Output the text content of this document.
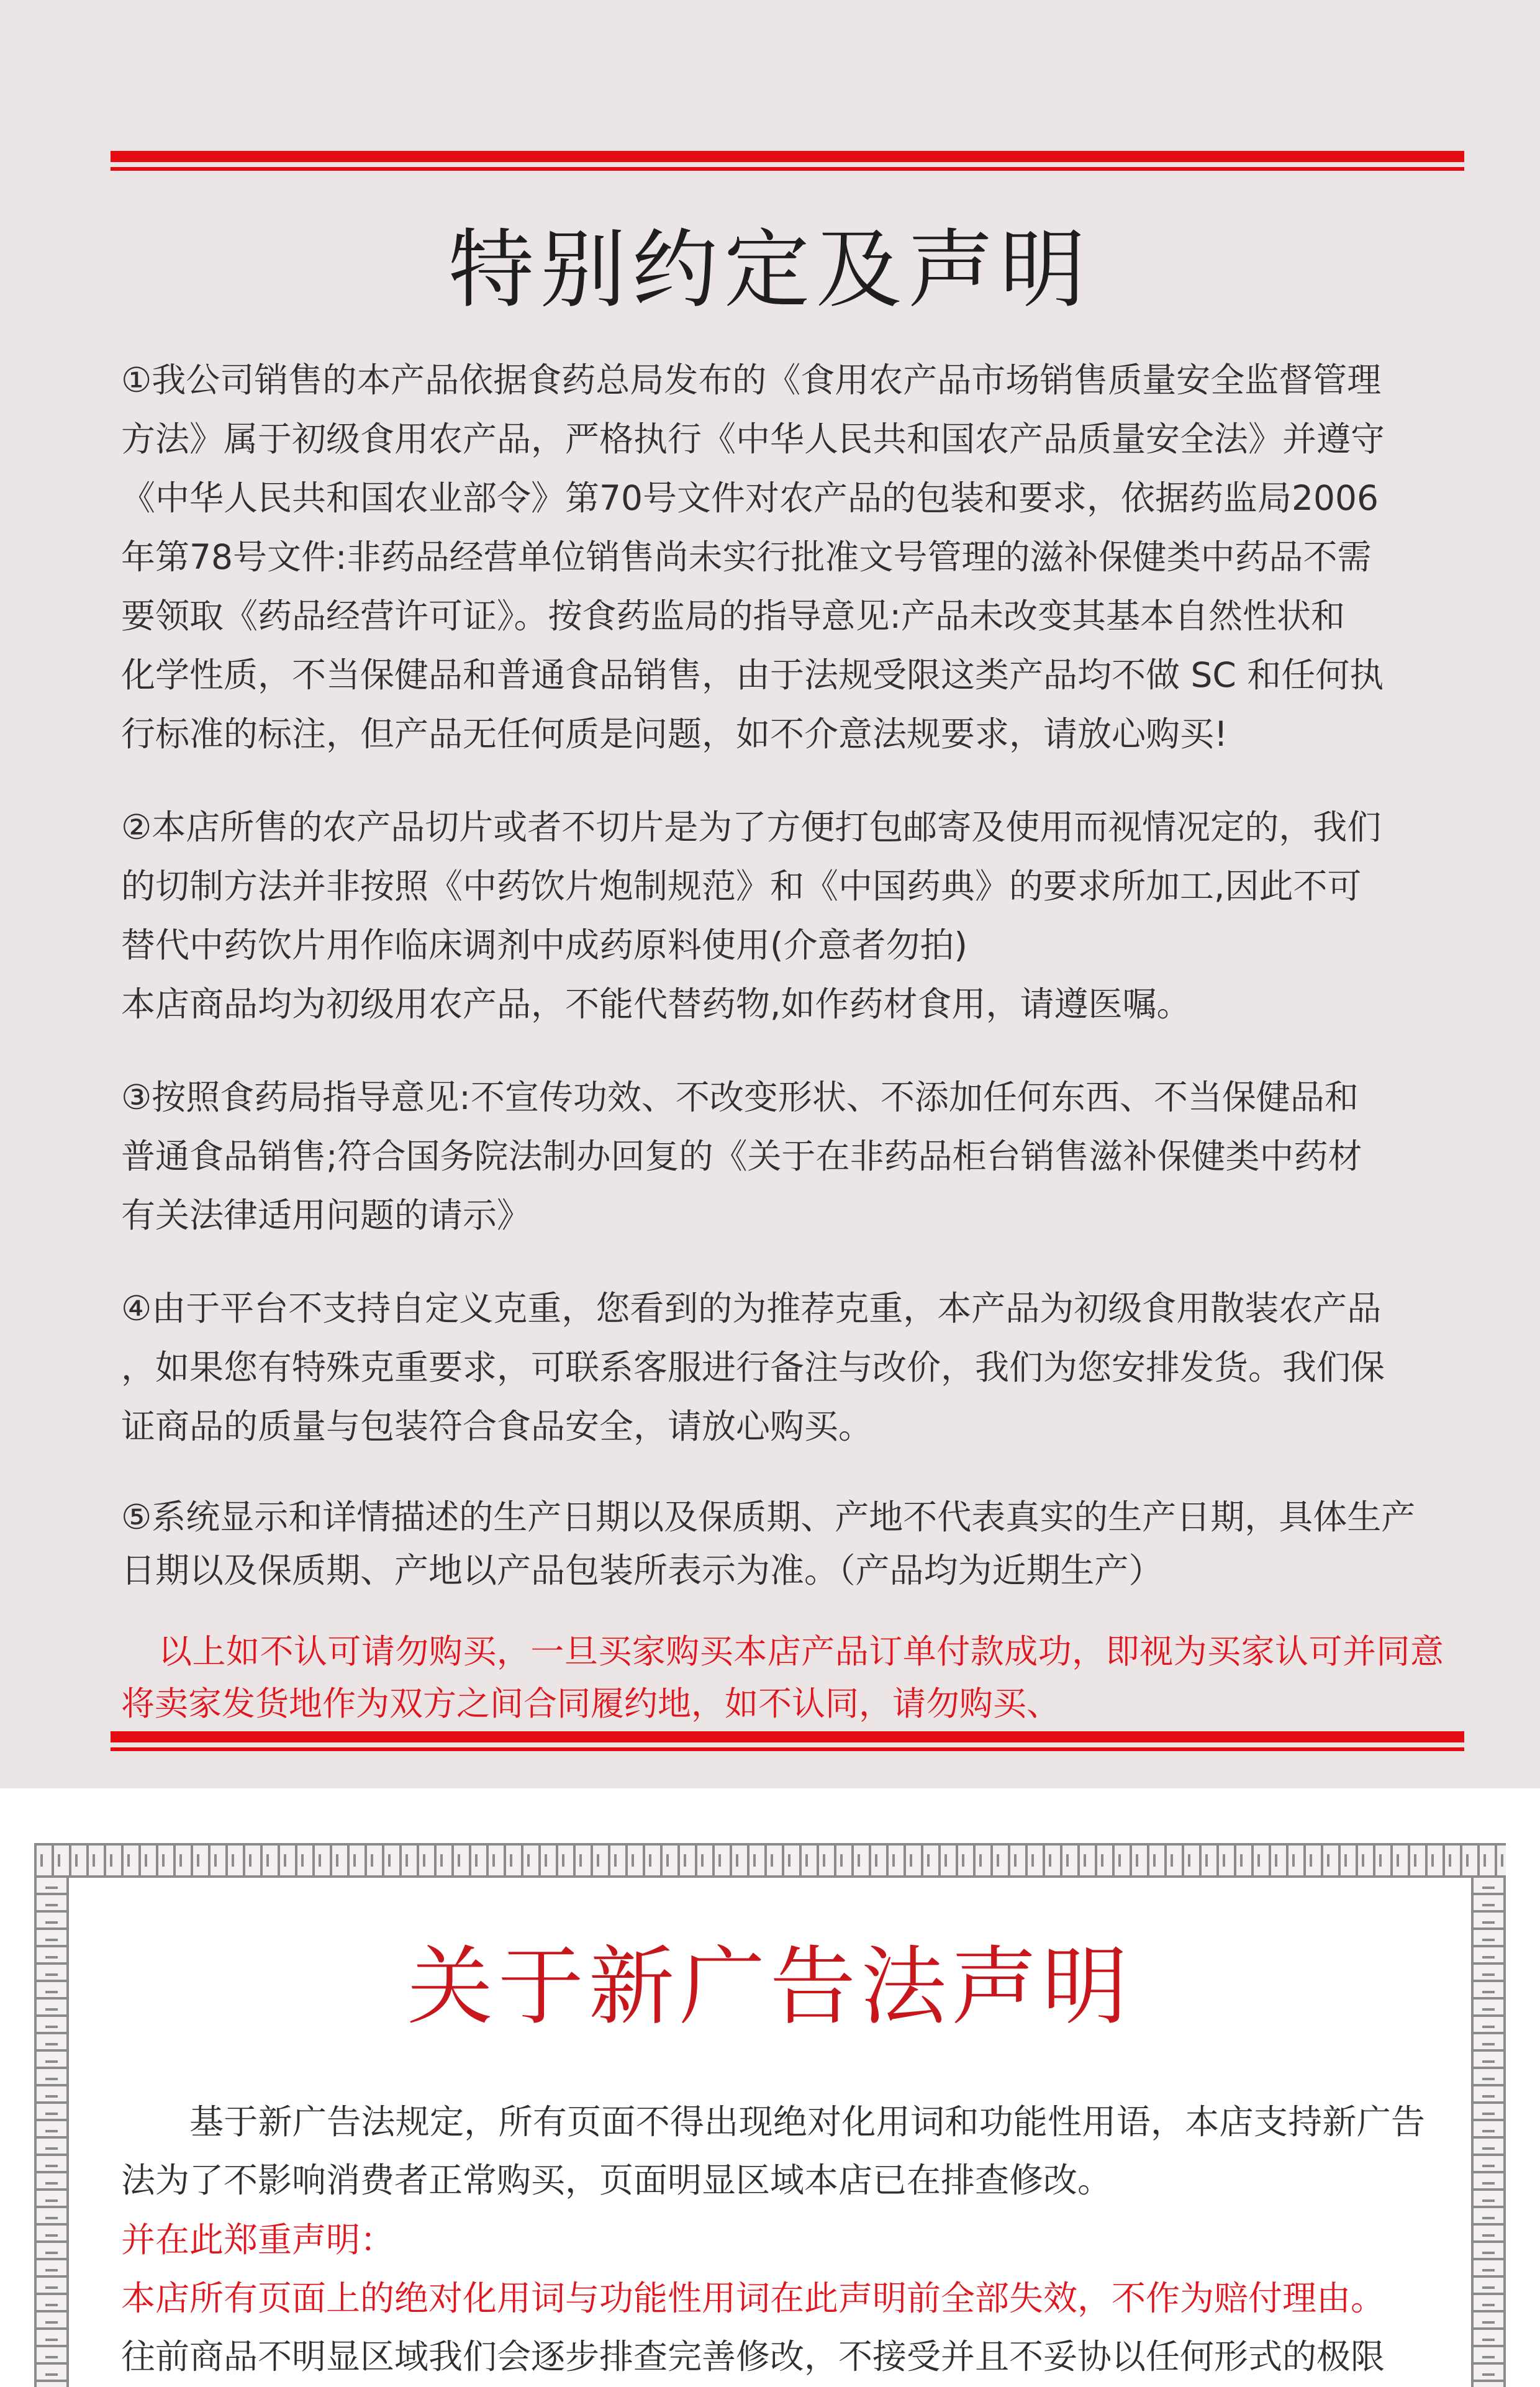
特别约定及声明

①我公司销售的本产品依据食药总局发布的《食用农产品市场销售质量安全监督管理
方法》属于初级食用农产品，严格执行《中华人民共和国农产品质量安全法》并遵守
《中华人民共和国农业部令》第70号文件对农产品的包装和要求，依据药监局2006
年第78号文件:非药品经营单位销售尚未实行批准文号管理的滋补保健类中药品不需
要领取《药品经营许可证》。按食药监局的指导意见:产品未改变其基本自然性状和
化学性质，不当保健品和普通食品销售，由于法规受限这类产品均不做 SC 和任何执
行标准的标注，但产品无任何质是问题，如不介意法规要求，请放心购买!

②本店所售的农产品切片或者不切片是为了方便打包邮寄及使用而视情况定的，我们
的切制方法并非按照《中药饮片炮制规范》和《中国药典》的要求所加工,因此不可
替代中药饮片用作临床调剂中成药原料使用(介意者勿拍)
本店商品均为初级用农产品，不能代替药物,如作药材食用，请遵医嘱。

③按照食药局指导意见:不宣传功效、不改变形状、不添加任何东西、不当保健品和
普通食品销售;符合国务院法制办回复的《关于在非药品柜台销售滋补保健类中药材
有关法律适用问题的请示》

④由于平台不支持自定义克重，您看到的为推荐克重，本产品为初级食用散装农产品
，如果您有特殊克重要求，可联系客服进行备注与改价，我们为您安排发货。我们保
证商品的质量与包装符合食品安全，请放心购买。

⑤系统显示和详情描述的生产日期以及保质期、产地不代表真实的生产日期，具体生产
日期以及保质期、产地以产品包装所表示为准。（产品均为近期生产）

以上如不认可请勿购买，一旦买家购买本店产品订单付款成功，即视为买家认可并同意将卖家发货地作为双方之间合同履约地，如不认同，请勿购买、

关于新广告法声明

基于新广告法规定，所有页面不得出现绝对化用词和功能性用语，本店支持新广告法为了不影响消费者正常购买，页面明显区域本店已在排查修改。

并在此郑重声明：

本店所有页面上的绝对化用词与功能性用词在此声明前全部失效，不作为赔付理由。

往前商品不明显区域我们会逐步排查完善修改，不接受并且不妥协以任何形式的极限
